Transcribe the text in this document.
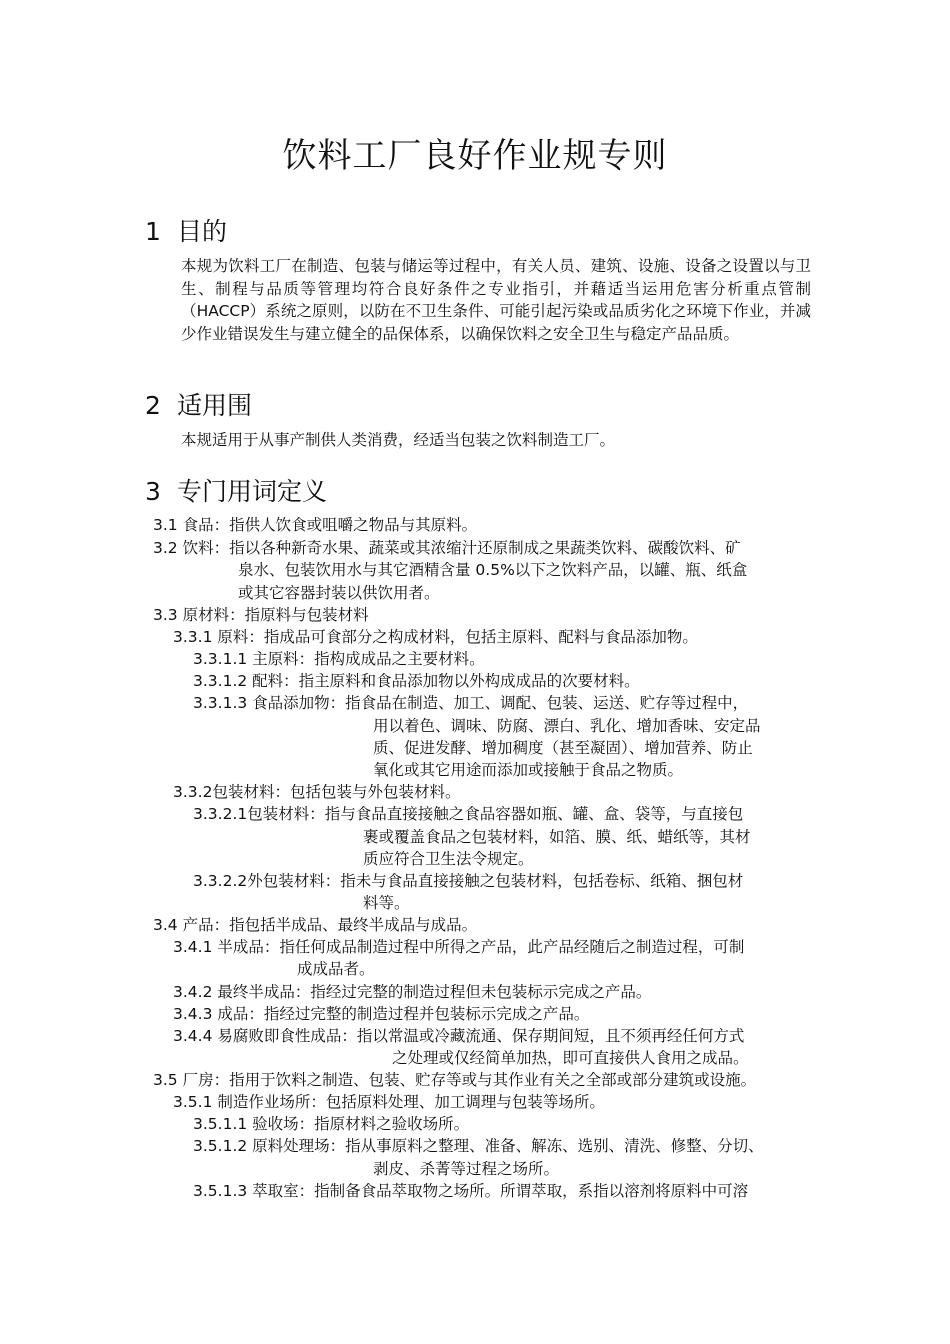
饮料工厂良好作业规专则
1 目的

本规为饮料工厂在制造、包装与储运等过程中，有关人员、建筑、设施、设备之设置以与卫生、制程与品质等管理均符合良好条件之专业指引，并藉适当运用危害分析重点管制（HACCP）系统之原则，以防在不卫生条件、可能引起污染或品质劣化之环境下作业，并减少作业错误发生与建立健全的品保体系，以确保饮料之安全卫生与稳定产品品质。

2 适用围

本规适用于从事产制供人类消费，经适当包装之饮料制造工厂。

3 专门用词定义

3.1 食品：指供人饮食或咀嚼之物品与其原料。

3.2 饮料：指以各种新奇水果、蔬菜或其浓缩汁还原制成之果蔬类饮料、碳酸饮料、矿

泉水、包装饮用水与其它酒精含量 0.5%以下之饮料产品，以罐、瓶、纸盒

或其它容器封装以供饮用者。

3.3 原材料：指原料与包装材料

3.3.1 原料：指成品可食部分之构成材料，包括主原料、配料与食品添加物。

3.3.1.1 主原料：指构成成品之主要材料。

3.3.1.2 配料：指主原料和食品添加物以外构成成品的次要材料。

3.3.1.3 食品添加物：指食品在制造、加工、调配、包装、运送、贮存等过程中，

用以着色、调味、防腐、漂白、乳化、增加香味、安定品

质、促进发酵、增加稠度（甚至凝固）、增加营养、防止

氧化或其它用途而添加或接触于食品之物质。

3.3.2包装材料：包括包装与外包装材料。

3.3.2.1包装材料：指与食品直接接触之食品容器如瓶、罐、盒、袋等，与直接包

裹或覆盖食品之包装材料，如箔、膜、纸、蜡纸等，其材

质应符合卫生法令规定。

3.3.2.2外包装材料：指未与食品直接接触之包装材料，包括卷标、纸箱、捆包材

料等。

3.4 产品：指包括半成品、最终半成品与成品。

3.4.1 半成品：指任何成品制造过程中所得之产品，此产品经随后之制造过程，可制

成成品者。

3.4.2 最终半成品：指经过完整的制造过程但未包装标示完成之产品。

3.4.3 成品：指经过完整的制造过程并包装标示完成之产品。

3.4.4 易腐败即食性成品：指以常温或冷藏流通、保存期间短，且不须再经任何方式

之处理或仅经简单加热，即可直接供人食用之成品。

3.5 厂房：指用于饮料之制造、包装、贮存等或与其作业有关之全部或部分建筑或设施。

3.5.1 制造作业场所：包括原料处理、加工调理与包装等场所。

3.5.1.1 验收场：指原材料之验收场所。

3.5.1.2 原料处理场：指从事原料之整理、准备、解冻、选别、清洗、修整、分切、

剥皮、杀菁等过程之场所。

3.5.1.3 萃取室：指制备食品萃取物之场所。所谓萃取，系指以溶剂将原料中可溶
